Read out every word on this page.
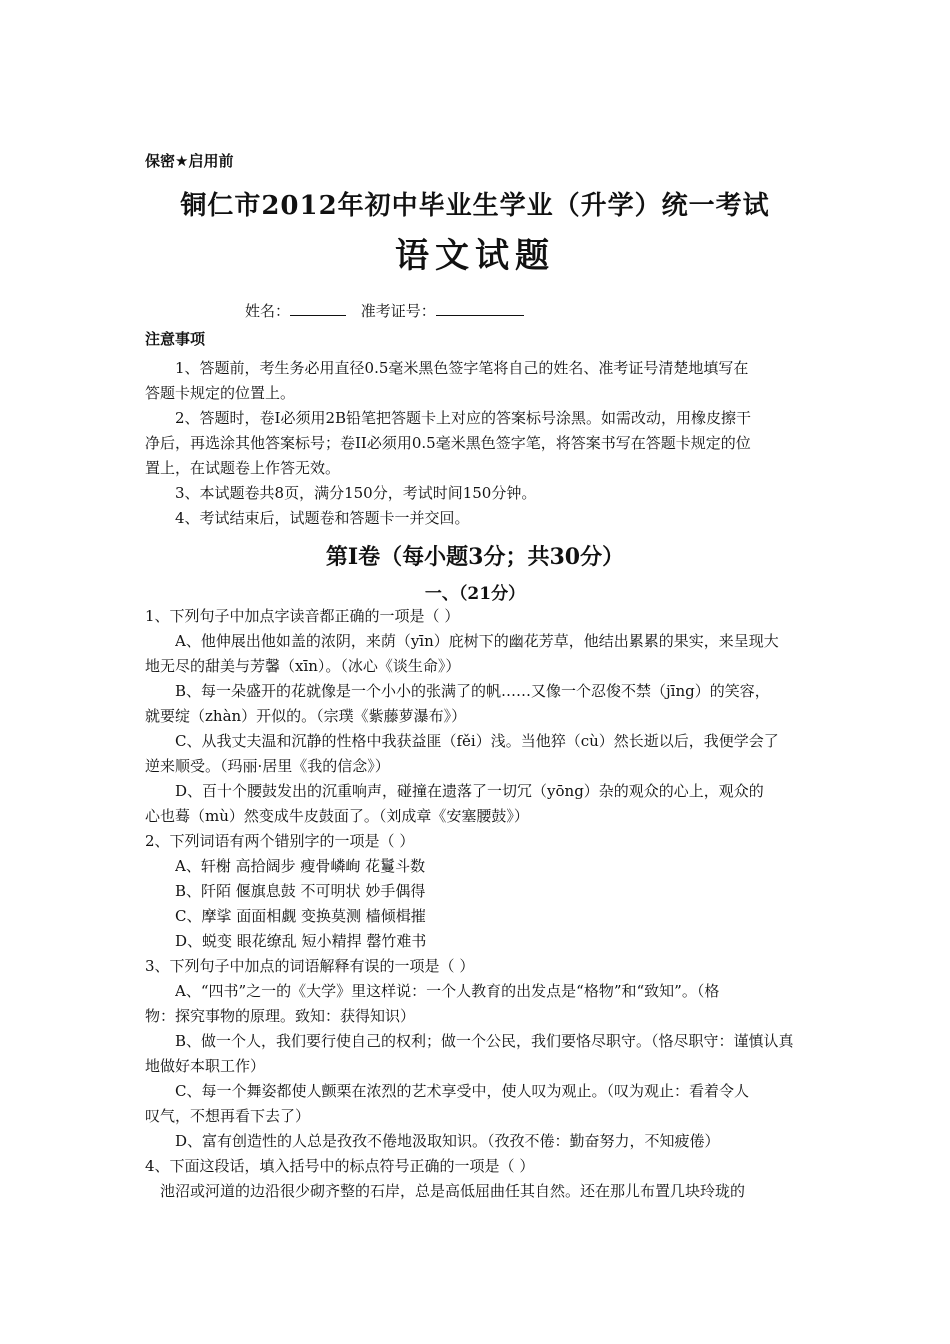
保密★启用前
铜仁市2012年初中毕业生学业（升学）统一考试
语文试题
姓名：	准考证号：
注意事项
1、答题前，考生务必用直径0.5毫米黑色签字笔将自己的姓名、准考证号清楚地填写在
答题卡规定的位置上。
2、答题时，卷I必须用2B铅笔把答题卡上对应的答案标号涂黑。如需改动，用橡皮擦干
净后，再选涂其他答案标号；卷II必须用0.5毫米黑色签字笔，将答案书写在答题卡规定的位
置上，在试题卷上作答无效。
3、本试题卷共8页，满分150分，考试时间150分钟。
4、考试结束后，试题卷和答题卡一并交回。
第I卷（每小题3分；共30分）
一、（21分）
1、下列句子中加点字读音都正确的一项是（ ）
A、他伸展出他如盖的浓阴，来荫（yīn）庇树下的幽花芳草，他结出累累的果实，来呈现大
地无尽的甜美与芳馨（xīn）。（冰心《谈生命》）
B、每一朵盛开的花就像是一个小小的张满了的帆……又像一个忍俊不禁（jīng）的笑容，
就要绽（zhàn）开似的。（宗璞《紫藤萝瀑布》）
C、从我丈夫温和沉静的性格中我获益匪（fěi）浅。当他猝（cù）然长逝以后，我便学会了
逆来顺受。（玛丽·居里《我的信念》）
D、百十个腰鼓发出的沉重响声，碰撞在遗落了一切冗（yōng）杂的观众的心上，观众的
心也蓦（mù）然变成牛皮鼓面了。（刘成章《安塞腰鼓》）
2、下列词语有两个错别字的一项是（ ）
A、轩榭 高拾阔步 瘦骨嶙峋 花鬘斗数
B、阡陌 偃旗息鼓 不可明状 妙手偶得
C、摩挲 面面相觑 变换莫测 樯倾楫摧
D、蜕变 眼花缭乱 短小精捍 罄竹难书
3、下列句子中加点的词语解释有误的一项是（ ）
A、“四书”之一的《大学》里这样说：一个人教育的出发点是“格物”和“致知”。（格
物：探究事物的原理。致知：获得知识）
B、做一个人，我们要行使自己的权利；做一个公民，我们要恪尽职守。（恪尽职守：谨慎认真
地做好本职工作）
C、每一个舞姿都使人颤栗在浓烈的艺术享受中，使人叹为观止。（叹为观止：看着令人
叹气，不想再看下去了）
D、富有创造性的人总是孜孜不倦地汲取知识。（孜孜不倦：勤奋努力，不知疲倦）
4、下面这段话，填入括号中的标点符号正确的一项是（ ）
池沼或河道的边沿很少砌齐整的石岸，总是高低屈曲任其自然。还在那儿布置几块玲珑的
